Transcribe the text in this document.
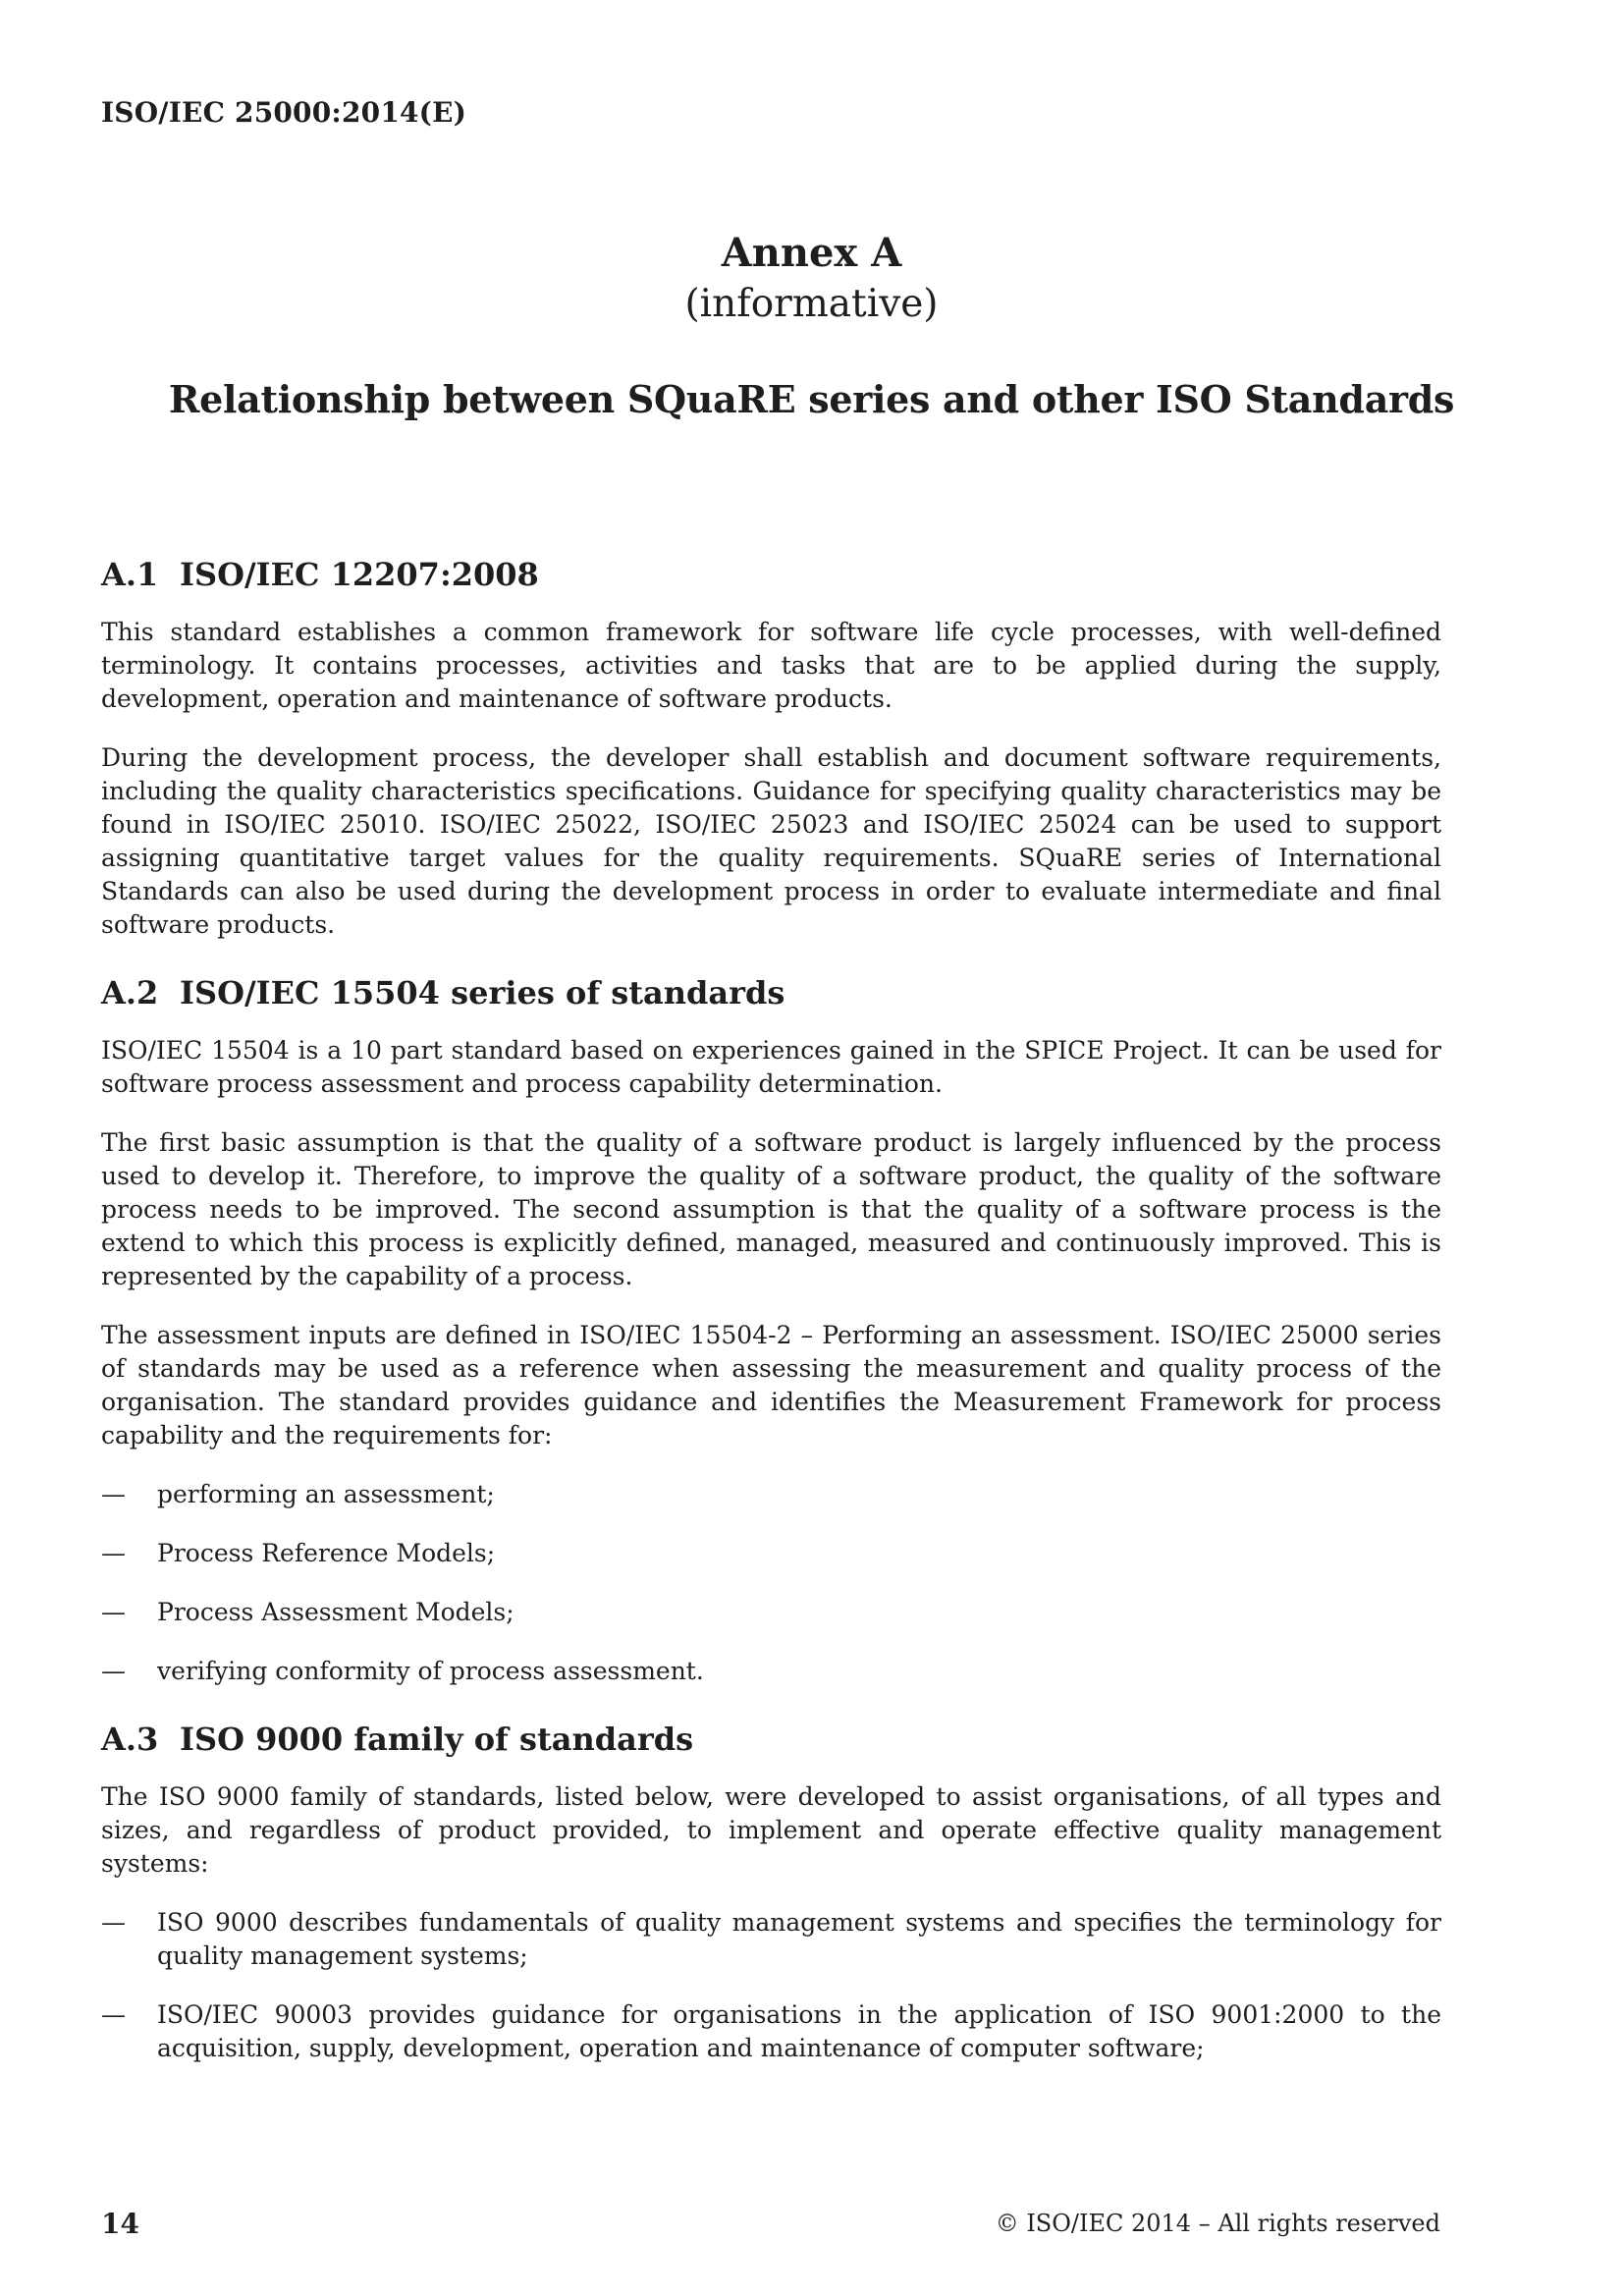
ISO/IEC 25000:2014(E)
Annex A
(informative)
Relationship between SQuaRE series and other ISO Standards
A.1 ISO/IEC 12207:2008

This standard establishes a common framework for software life cycle processes, with well-defined terminology. It contains processes, activities and tasks that are to be applied during the supply, development, operation and maintenance of software products.

During the development process, the developer shall establish and document software requirements, including the quality characteristics specifications. Guidance for specifying quality characteristics may be found in ISO/IEC 25010. ISO/IEC 25022, ISO/IEC 25023 and ISO/IEC 25024 can be used to support assigning quantitative target values for the quality requirements. SQuaRE series of International Standards can also be used during the development process in order to evaluate intermediate and final software products.

A.2 ISO/IEC 15504 series of standards

ISO/IEC 15504 is a 10 part standard based on experiences gained in the SPICE Project. It can be used for software process assessment and process capability determination.

The first basic assumption is that the quality of a software product is largely influenced by the process used to develop it. Therefore, to improve the quality of a software product, the quality of the software process needs to be improved. The second assumption is that the quality of a software process is the extend to which this process is explicitly defined, managed, measured and continuously improved. This is represented by the capability of a process.

The assessment inputs are defined in ISO/IEC 15504-2 – Performing an assessment. ISO/IEC 25000 series of standards may be used as a reference when assessing the measurement and quality process of the organisation. The standard provides guidance and identifies the Measurement Framework for process capability and the requirements for:

— performing an assessment;
— Process Reference Models;
— Process Assessment Models;
— verifying conformity of process assessment.
A.3 ISO 9000 family of standards

The ISO 9000 family of standards, listed below, were developed to assist organisations, of all types and sizes, and regardless of product provided, to implement and operate effective quality management systems:

— ISO 9000 describes fundamentals of quality management systems and specifies the terminology for quality management systems;
— ISO/IEC 90003 provides guidance for organisations in the application of ISO 9001:2000 to the acquisition, supply, development, operation and maintenance of computer software;
14	© ISO/IEC 2014 – All rights reserved
